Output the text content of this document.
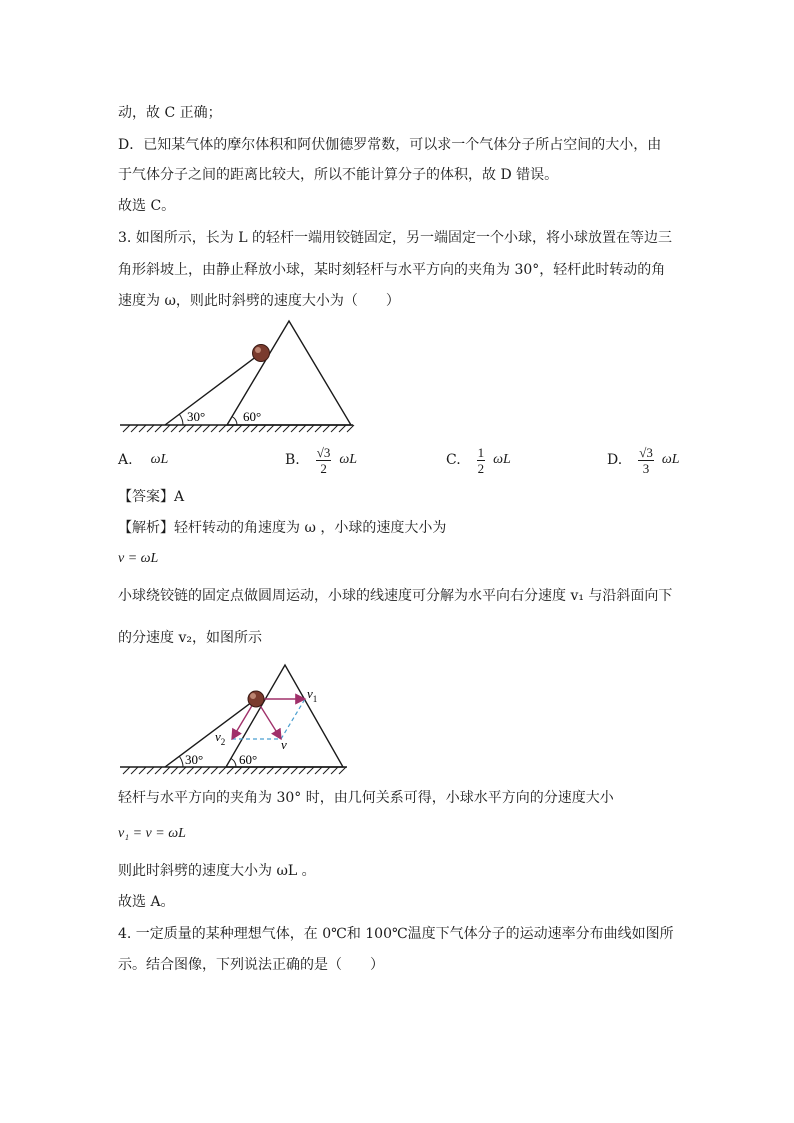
动，故 C 正确；
D．已知某气体的摩尔体积和阿伏伽德罗常数，可以求一个气体分子所占空间的大小，由
于气体分子之间的距离比较大，所以不能计算分子的体积，故 D 错误。
故选 C。
3. 如图所示，长为 L 的轻杆一端用铰链固定，另一端固定一个小球，将小球放置在等边三
角形斜坡上，由静止释放小球，某时刻轻杆与水平方向的夹角为 30°，轻杆此时转动的角
速度为 ω，则此时斜劈的速度大小为（　　）
30°	60°
A. ωL	B. $\frac{√3}{2}$ ωL	C. $\frac{1}{2}$ ωL	D. $\frac{√3}{3}$ ωL
【答案】A
【解析】轻杆转动的角速度为 ω ，小球的速度大小为
v = ωL
小球绕铰链的固定点做圆周运动，小球的线速度可分解为水平向右分速度 v₁ 与沿斜面向下
的分速度 v₂，如图所示
$v_1$
$v_2$	v
30°	60°
轻杆与水平方向的夹角为 30° 时，由几何关系可得，小球水平方向的分速度大小
v₁ = v = ωL
则此时斜劈的速度大小为 ωL 。
故选 A。
4. 一定质量的某种理想气体，在 0℃和 100℃温度下气体分子的运动速率分布曲线如图所
示。结合图像，下列说法正确的是（　　）
